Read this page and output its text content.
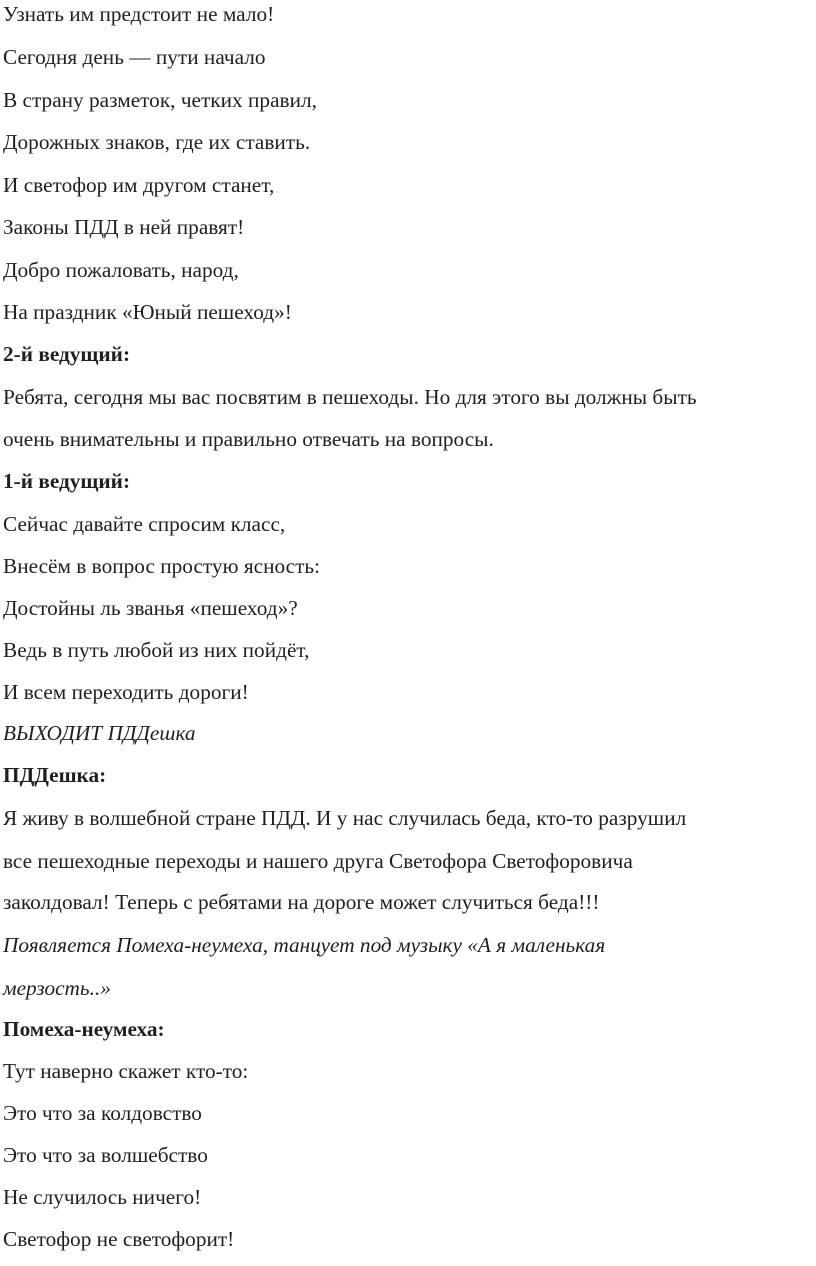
Узнать им предстоит не мало!

Сегодня день — пути начало

В страну разметок, четких правил,

Дорожных знаков, где их ставить.

И светофор им другом станет,

Законы ПДД в ней правят!

Добро пожаловать, народ,

На праздник «Юный пешеход»!

2-й ведущий:

Ребята, сегодня мы вас посвятим в пешеходы. Но для этого вы должны быть

очень внимательны и правильно отвечать на вопросы.

1-й ведущий:

Сейчас давайте спросим класс,

Внесём в вопрос простую ясность:

Достойны ль званья «пешеход»?

Ведь в путь любой из них пойдёт,

И всем переходить дороги!

ВЫХОДИТ ПДДешка

ПДДешка:

Я живу в волшебной стране ПДД. И у нас случилась беда, кто-то разрушил

все пешеходные переходы и нашего друга Светофора Светофоровича

заколдовал! Теперь с ребятами на дороге может случиться беда!!!

Появляется Помеха-неумеха, танцует под музыку «А я маленькая

мерзость..»

Помеха-неумеха:

Тут наверно скажет кто-то:

Это что за колдовство

Это что за волшебство

Не случилось ничего!

Светофор не светофорит!
